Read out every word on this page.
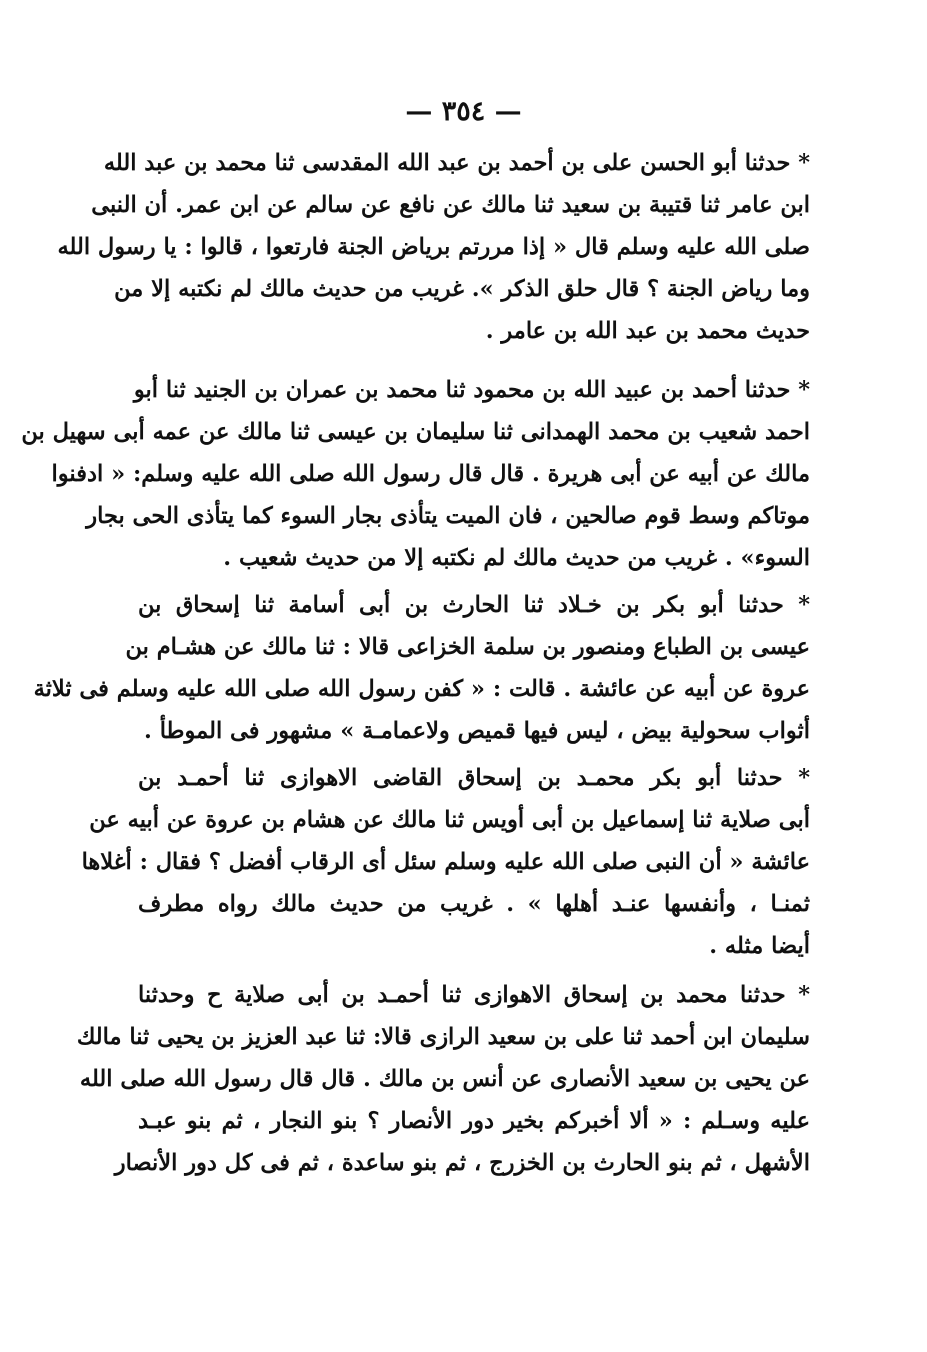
— ٣٥٤ —
* حدثنا أبو الحسن على بن أحمد بن عبد الله المقدسى ثنا محمد بن عبد الله
ابن عامر ثنا قتيبة بن سعيد ثنا مالك عن نافع عن سالم عن ابن عمر. أن النبى
صلى الله عليه وسلم قال « إذا مررتم برياض الجنة فارتعوا ، قالوا : يا رسول الله
وما رياض الجنة ؟ قال حلق الذكر ». غريب من حديث مالك لم نكتبه إلا من
حديث محمد بن عبد الله بن عامر .
* حدثنا أحمد بن عبيد الله بن محمود ثنا محمد بن عمران بن الجنيد ثنا أبو
احمد شعيب بن محمد الهمدانى ثنا سليمان بن عيسى ثنا مالك عن عمه أبى سهيل بن
مالك عن أبيه عن أبى هريرة . قال قال رسول الله صلى الله عليه وسلم: « ادفنوا
موتاكم وسط قوم صالحين ، فان الميت يتأذى بجار السوء كما يتأذى الحى بجار
السوء» . غريب من حديث مالك لم نكتبه إلا من حديث شعيب .
* حدثنا أبو بكر بن خـلاد ثنا الحارث بن أبى أسامة ثنا إسحاق بن
عيسى بن الطباع ومنصور بن سلمة الخزاعى قالا : ثنا مالك عن هشـام بن
عروة عن أبيه عن عائشة . قالت : « كفن رسول الله صلى الله عليه وسلم فى ثلاثة
أثواب سحولية بيض ، ليس فيها قميص ولاعمامـة » مشهور فى الموطأ .
* حدثنا أبو بكر محمـد بن إسحاق القاضى الاهوازى ثنا أحمـد بن
أبى صلاية ثنا إسماعيل بن أبى أويس ثنا مالك عن هشام بن عروة عن أبيه عن
عائشة « أن النبى صلى الله عليه وسلم سئل أى الرقاب أفضل ؟ فقال : أغلاها
ثمنـا ، وأنفسها عنـد أهلها » . غريب من حديث مالك رواه مطرف
أيضا مثله .
* حدثنا محمد بن إسحاق الاهوازى ثنا أحمـد بن أبى صلاية ح وحدثنا
سليمان ابن أحمد ثنا على بن سعيد الرازى قالا: ثنا عبد العزيز بن يحيى ثنا مالك
عن يحيى بن سعيد الأنصارى عن أنس بن مالك . قال قال رسول الله صلى الله
عليه وسـلم : « ألا أخبركم بخير دور الأنصار ؟ بنو النجار ، ثم بنو عبـد
الأشهل ، ثم بنو الحارث بن الخزرج ، ثم بنو ساعدة ، ثم فى كل دور الأنصار
